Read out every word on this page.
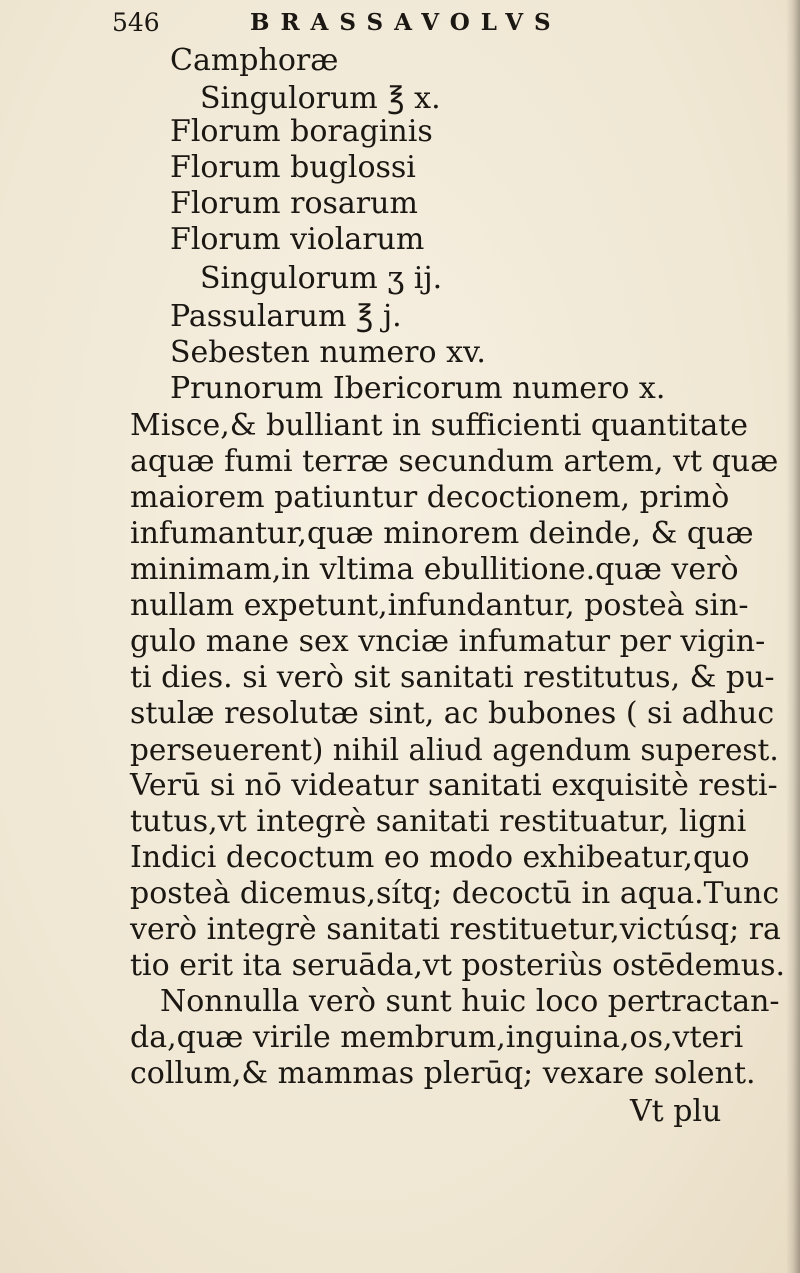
546	BRASSAVOLVS
Camphoræ
Singulorum ℥ x.
Florum boraginis
Florum buglossi
Florum rosarum
Florum violarum
Singulorum ʒ ij.
Passularum ℥ j.
Sebesten numero xv.
Prunorum Ibericorum numero x.
Misce,& bulliant in sufficienti quantitate
aquæ fumi terræ secundum artem, vt quæ
maiorem patiuntur decoctionem, primò
infumantur,quæ minorem deinde, & quæ
minimam,in vltima ebullitione.quæ verò
nullam expetunt,infundantur, posteà sin-
gulo mane sex vnciæ infumatur per vigin-
ti dies. si verò sit sanitati restitutus, & pu-
stulæ resolutæ sint, ac bubones ( si adhuc
perseuerent) nihil aliud agendum superest.
Verū si nō videatur sanitati exquisitè resti-
tutus,vt integrè sanitati restituatur, ligni
Indici decoctum eo modo exhibeatur,quo
posteà dicemus,sítq; decoctū in aqua.Tunc
verò integrè sanitati restituetur,victúsq; ra
tio erit ita seruāda,vt posteriùs ostēdemus.
Nonnulla verò sunt huic loco pertractan-
da,quæ virile membrum,inguina,os,vteri
collum,& mammas plerūq; vexare solent.
Vt plu
